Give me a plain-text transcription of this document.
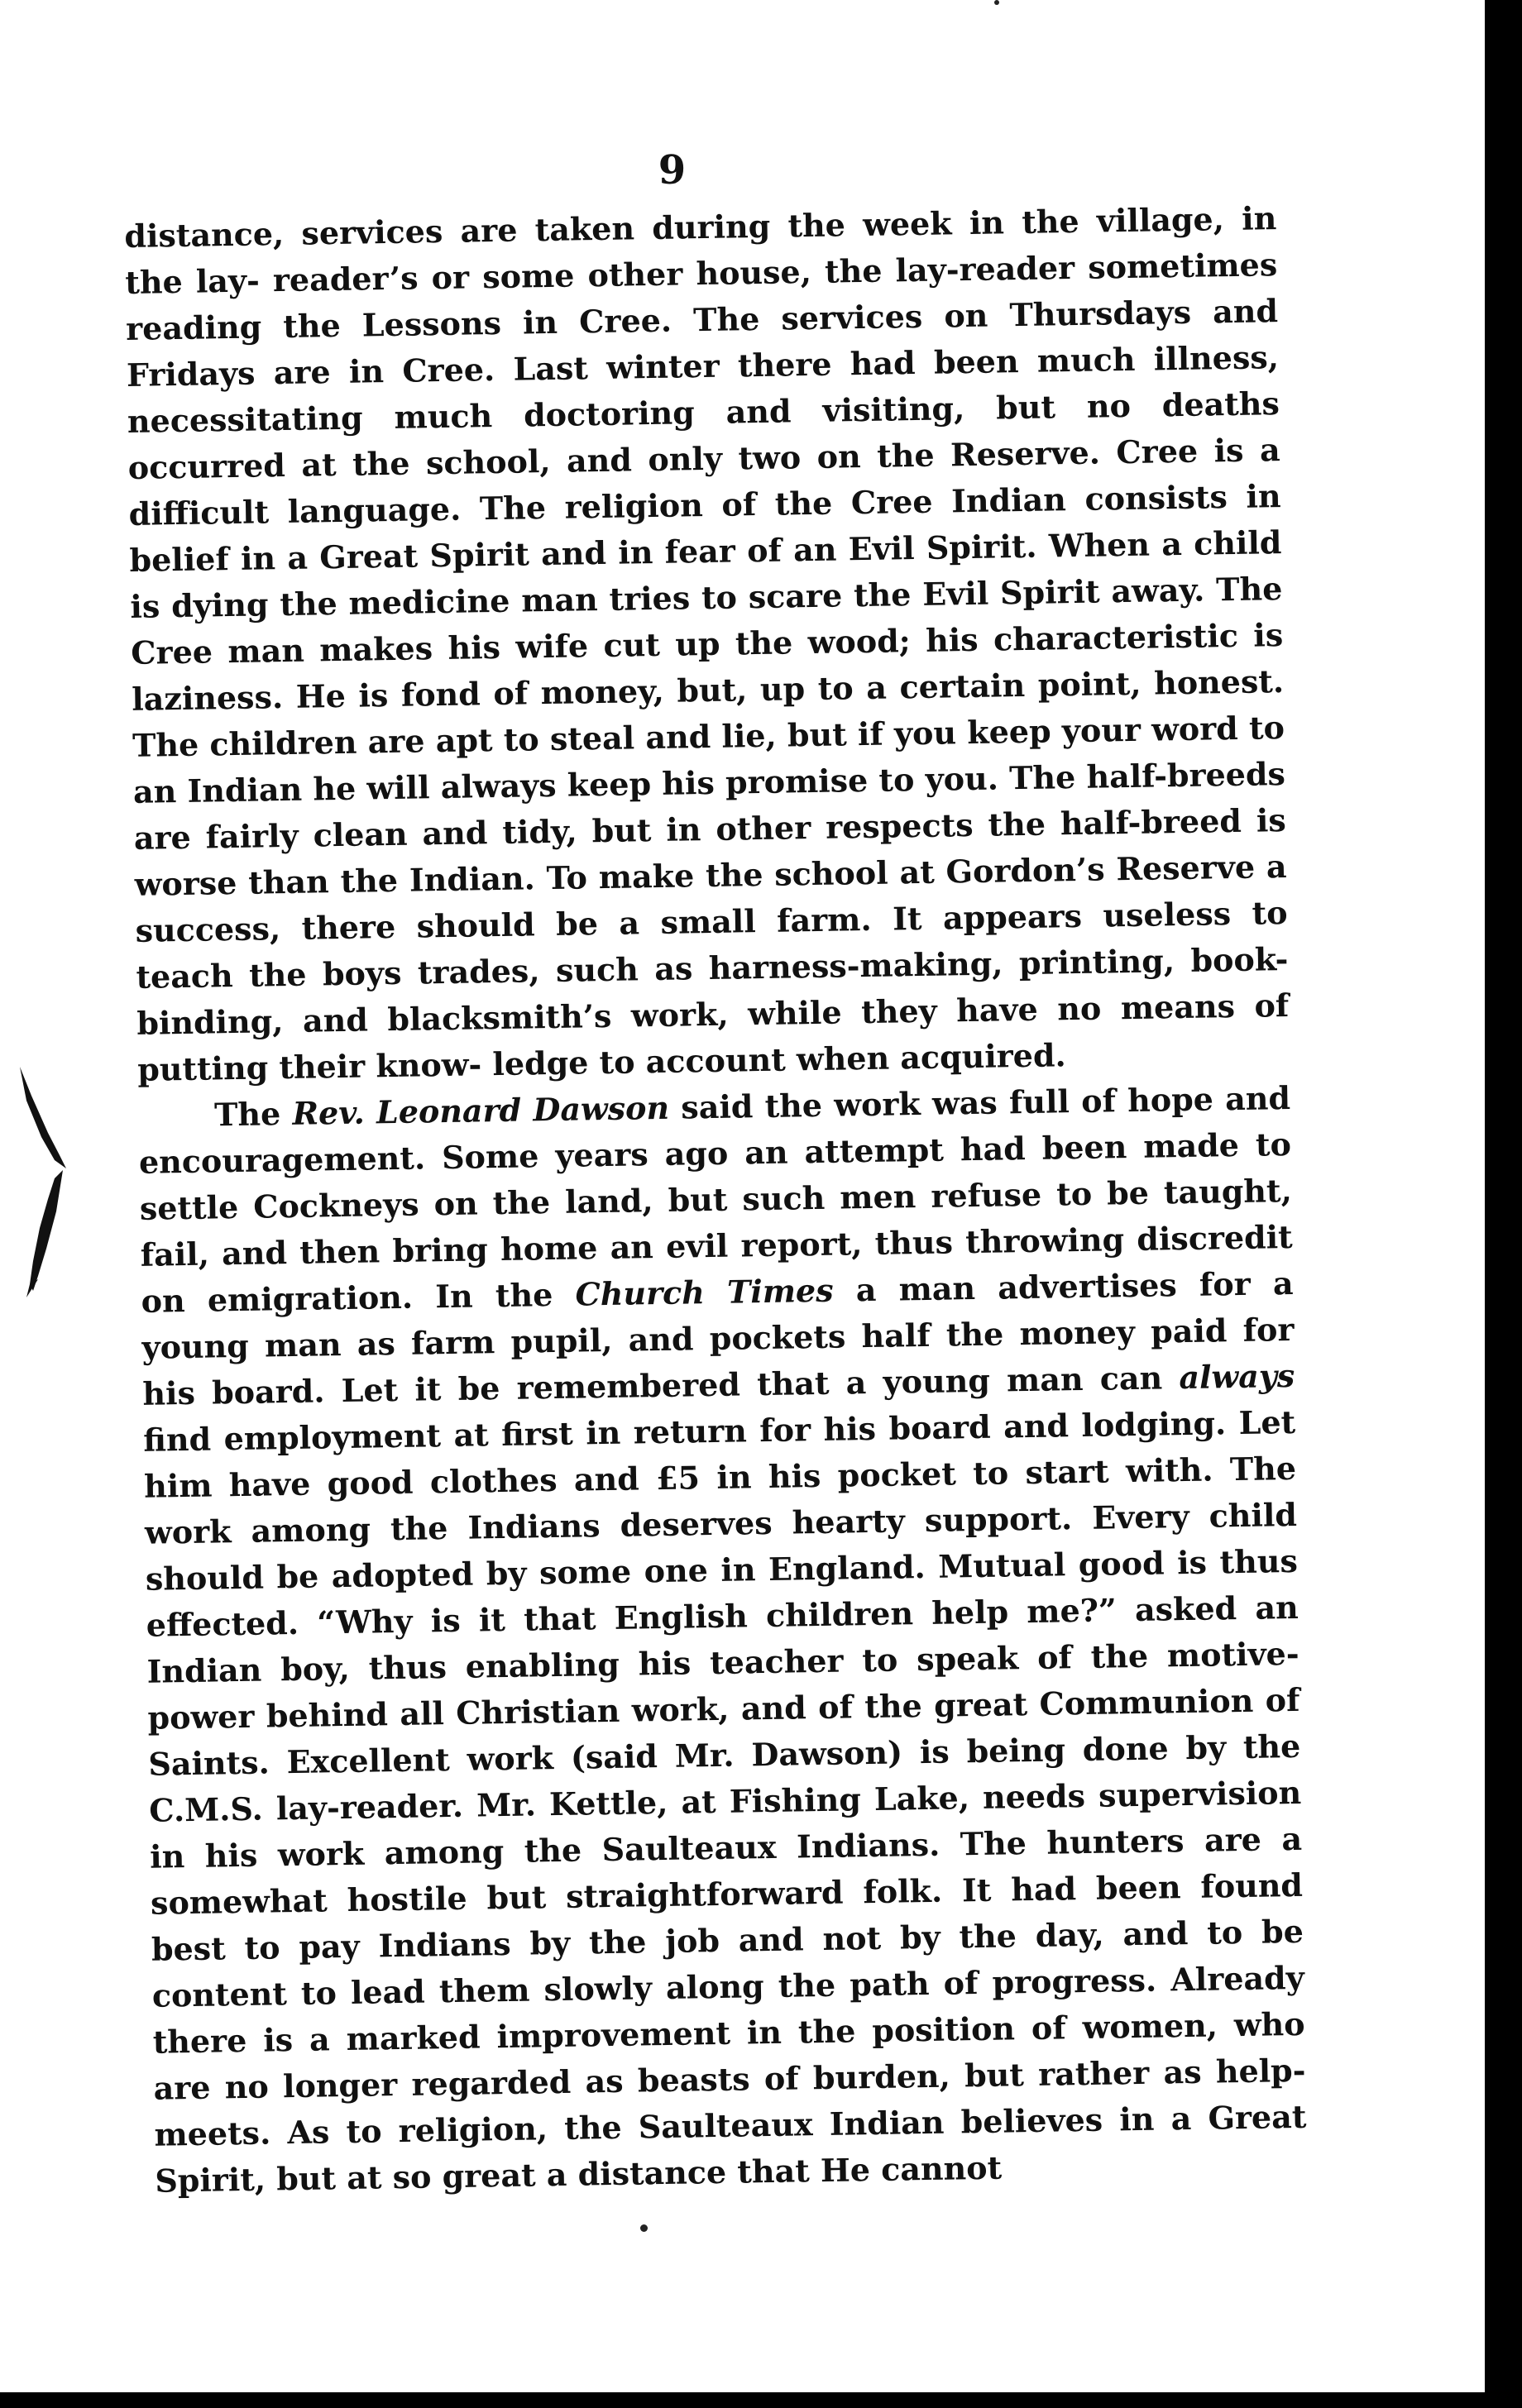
9

distance, services are taken during the week in the village, in the lay- reader’s or some other house, the lay-reader sometimes reading the Lessons in Cree. The services on Thursdays and Fridays are in Cree. Last winter there had been much illness, necessitating much doctoring and visiting, but no deaths occurred at the school, and only two on the Reserve. Cree is a difficult language. The religion of the Cree Indian consists in belief in a Great Spirit and in fear of an Evil Spirit. When a child is dying the medicine man tries to scare the Evil Spirit away. The Cree man makes his wife cut up the wood; his characteristic is laziness. He is fond of money, but, up to a certain point, honest. The children are apt to steal and lie, but if you keep your word to an Indian he will always keep his promise to you. The half-breeds are fairly clean and tidy, but in other respects the half-breed is worse than the Indian. To make the school at Gordon’s Reserve a success, there should be a small farm. It appears useless to teach the boys trades, such as harness-making, printing, book-binding, and blacksmith’s work, while they have no means of putting their know- ledge to account when acquired.

The Rev. Leonard Dawson said the work was full of hope and encouragement. Some years ago an attempt had been made to settle Cockneys on the land, but such men refuse to be taught, fail, and then bring home an evil report, thus throwing discredit on emigration. In the Church Times a man advertises for a young man as farm pupil, and pockets half the money paid for his board. Let it be remembered that a young man can always find employment at first in return for his board and lodging. Let him have good clothes and £5 in his pocket to start with. The work among the Indians deserves hearty support. Every child should be adopted by some one in England. Mutual good is thus effected. “Why is it that English children help me?” asked an Indian boy, thus enabling his teacher to speak of the motive-power behind all Christian work, and of the great Communion of Saints. Excellent work (said Mr. Dawson) is being done by the C.M.S. lay-reader. Mr. Kettle, at Fishing Lake, needs supervision in his work among the Saulteaux Indians. The hunters are a somewhat hostile but straightforward folk. It had been found best to pay Indians by the job and not by the day, and to be content to lead them slowly along the path of progress. Already there is a marked improvement in the position of women, who are no longer regarded as beasts of burden, but rather as help-meets. As to religion, the Saulteaux Indian believes in a Great Spirit, but at so great a distance that He cannot
